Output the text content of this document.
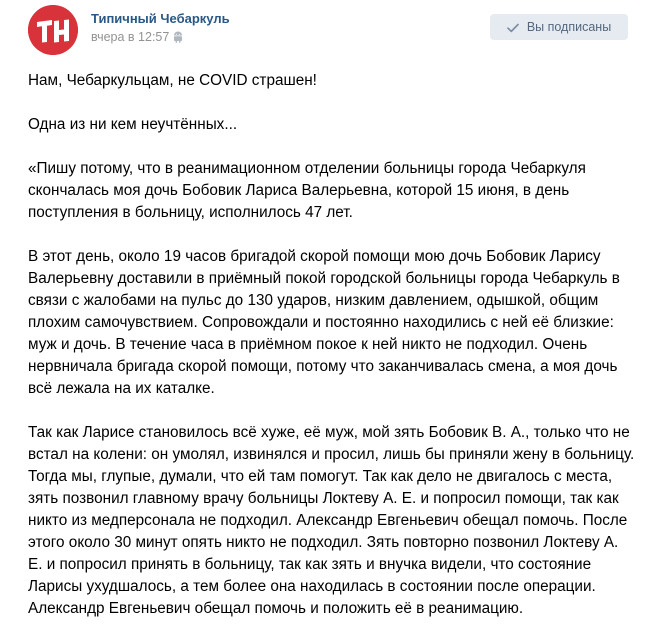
Типичный Чебаркуль
вчера в 12:57
Вы подписаны
Нам, Чебаркульцам, не COVID страшен!
Одна из ни кем неучтённых...
«Пишу потому, что в реанимационном отделении больницы города Чебаркуля
скончалась моя дочь Бобовик Лариса Валерьевна, которой 15 июня, в день
поступления в больницу, исполнилось 47 лет.
В этот день, около 19 часов бригадой скорой помощи мою дочь Бобовик Ларису
Валерьевну доставили в приёмный покой городской больницы города Чебаркуль в
связи с жалобами на пульс до 130 ударов, низким давлением, одышкой, общим
плохим самочувствием. Сопровождали и постоянно находились с ней её близкие:
муж и дочь. В течение часа в приёмном покое к ней никто не подходил. Очень
нервничала бригада скорой помощи, потому что заканчивалась смена, а моя дочь
всё лежала на их каталке.
Так как Ларисе становилось всё хуже, её муж, мой зять Бобовик В. А., только что не
встал на колени: он умолял, извинялся и просил, лишь бы приняли жену в больницу.
Тогда мы, глупые, думали, что ей там помогут. Так как дело не двигалось с места,
зять позвонил главному врачу больницы Локтеву А. Е. и попросил помощи, так как
никто из медперсонала не подходил. Александр Евгеньевич обещал помочь. После
этого около 30 минут опять никто не подходил. Зять повторно позвонил Локтеву А.
Е. и попросил принять в больницу, так как зять и внучка видели, что состояние
Ларисы ухудшалось, а тем более она находилась в состоянии после операции.
Александр Евгеньевич обещал помочь и положить её в реанимацию.
